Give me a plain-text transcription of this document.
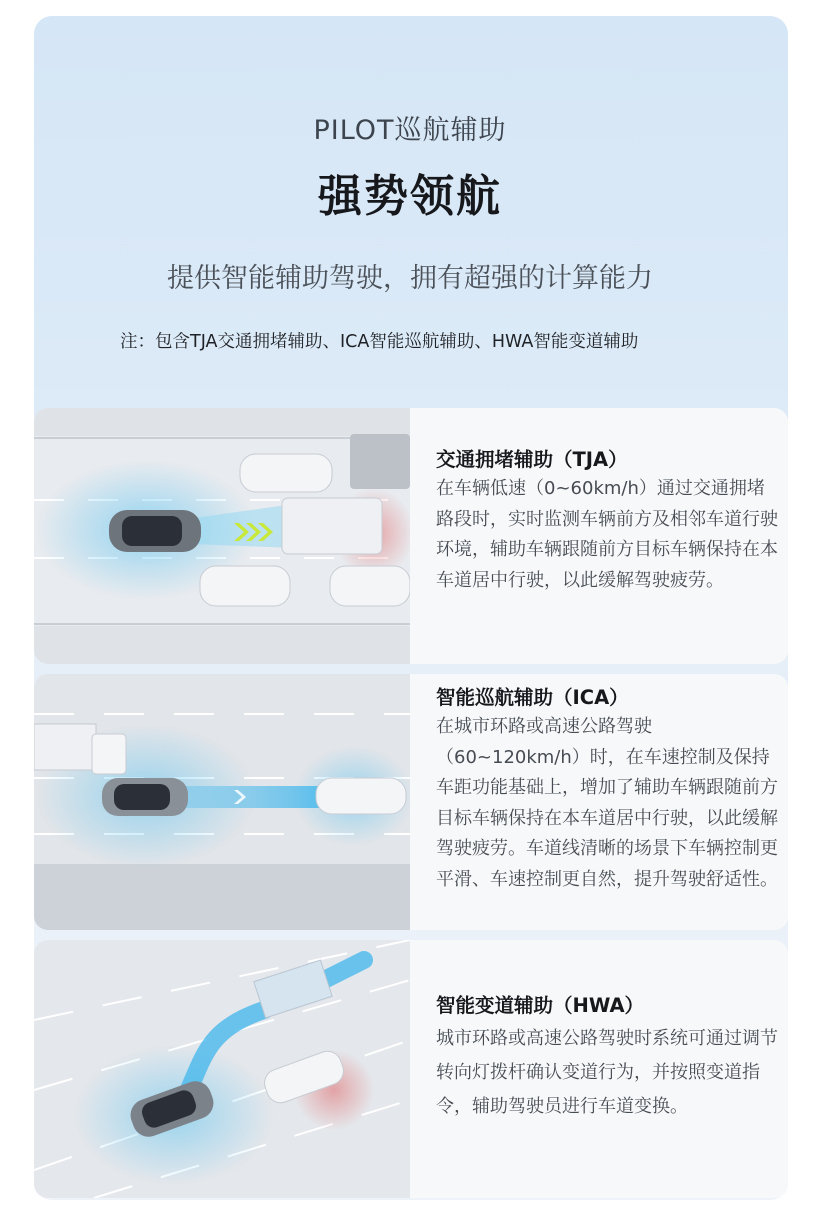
PILOT巡航辅助
强势领航
提供智能辅助驾驶，拥有超强的计算能力
注：包含TJA交通拥堵辅助、ICA智能巡航辅助、HWA智能变道辅助
交通拥堵辅助（TJA）
在车辆低速（0~60km/h）通过交通拥堵路段时，实时监测车辆前方及相邻车道行驶环境，辅助车辆跟随前方目标车辆保持在本车道居中行驶，以此缓解驾驶疲劳。
智能巡航辅助（ICA）
在城市环路或高速公路驾驶（60~120km/h）时，在车速控制及保持车距功能基础上，增加了辅助车辆跟随前方目标车辆保持在本车道居中行驶，以此缓解驾驶疲劳。车道线清晰的场景下车辆控制更平滑、车速控制更自然，提升驾驶舒适性。
智能变道辅助（HWA）
城市环路或高速公路驾驶时系统可通过调节转向灯拨杆确认变道行为，并按照变道指令，辅助驾驶员进行车道变换。
